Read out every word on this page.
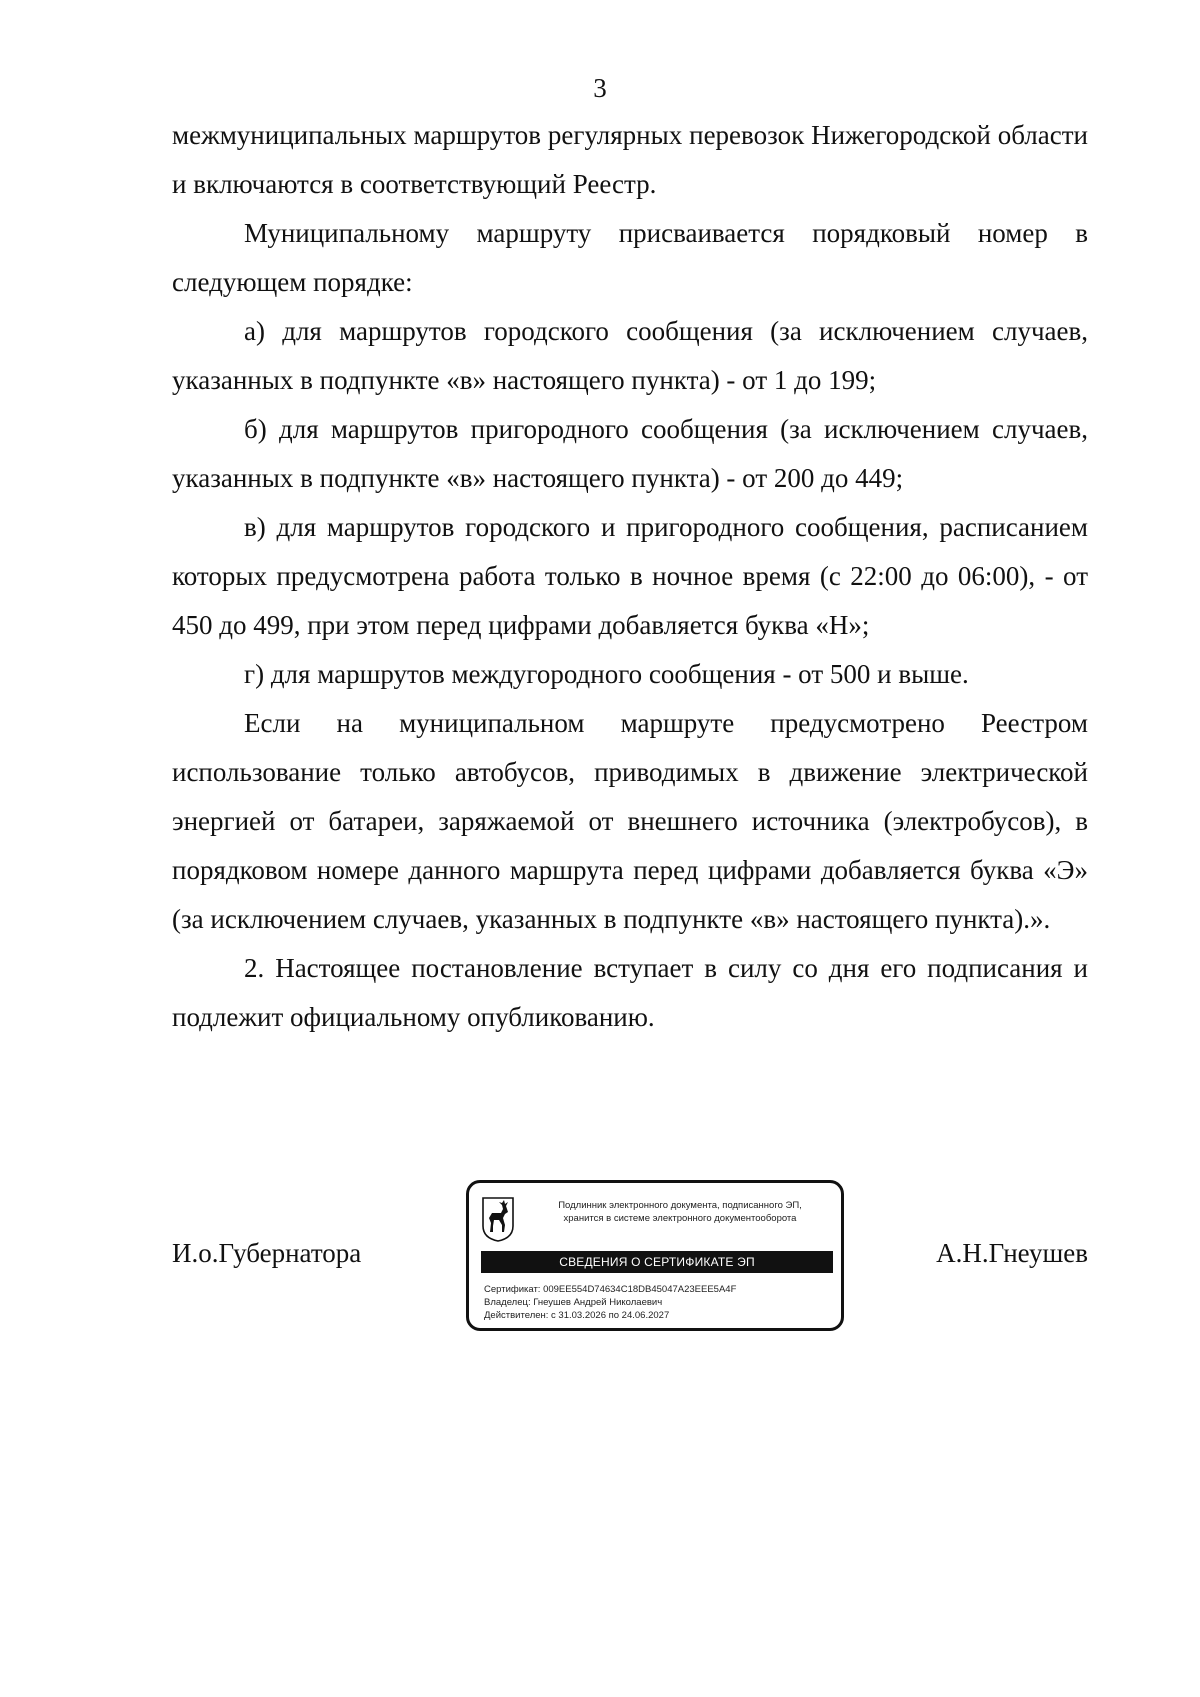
3

межмуниципальных маршрутов регулярных перевозок Нижегородской области и включаются в соответствующий Реестр.

Муниципальному маршруту присваивается порядковый номер в следующем порядке:

а) для маршрутов городского сообщения (за исключением случаев, указанных в подпункте «в» настоящего пункта) - от 1 до 199;

б) для маршрутов пригородного сообщения (за исключением случаев, указанных в подпункте «в» настоящего пункта) - от 200 до 449;

в) для маршрутов городского и пригородного сообщения, расписанием которых предусмотрена работа только в ночное время (с 22:00 до 06:00), - от 450 до 499, при этом перед цифрами добавляется буква «Н»;

г) для маршрутов междугородного сообщения - от 500 и выше.

Если на муниципальном маршруте предусмотрено Реестром использование только автобусов, приводимых в движение электрической энергией от батареи, заряжаемой от внешнего источника (электробусов), в порядковом номере данного маршрута перед цифрами добавляется буква «Э» (за исключением случаев, указанных в подпункте «в» настоящего пункта).».

2. Настоящее постановление вступает в силу со дня его подписания и подлежит официальному опубликованию.

И.о.Губернатора
Подлинник электронного документа, подписанного ЭП,
хранится в системе электронного документооборота
СВЕДЕНИЯ О СЕРТИФИКАТЕ ЭП
Сертификат: 009EE554D74634C18DB45047A23EEE5A4F
Владелец: Гнеушев Андрей Николаевич
Действителен: с 31.03.2026 по 24.06.2027
А.Н.Гнеушев
